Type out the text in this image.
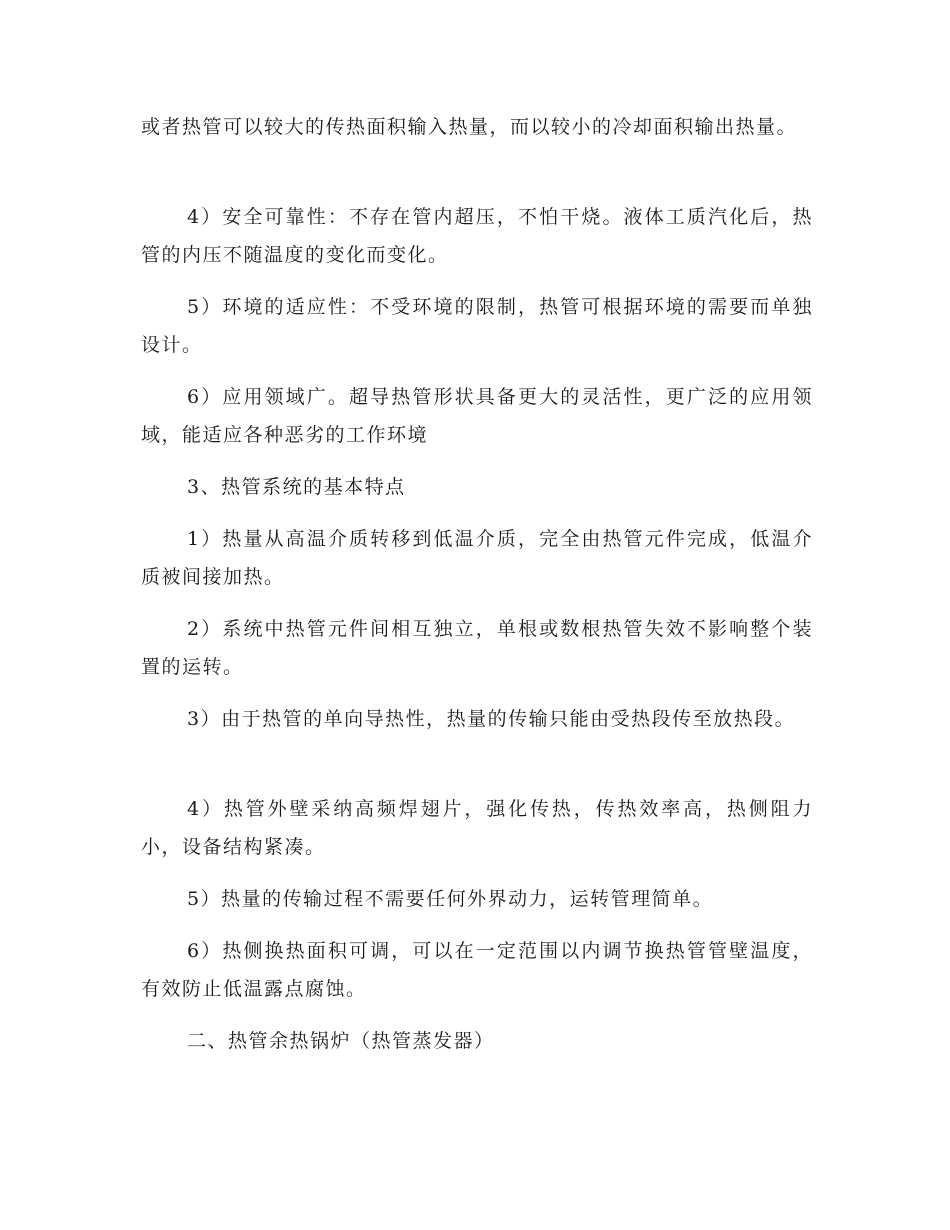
或者热管可以较大的传热面积输入热量，而以较小的冷却面积输出热量。

4）安全可靠性：不存在管内超压，不怕干烧。液体工质汽化后，热管的内压不随温度的变化而变化。

5）环境的适应性：不受环境的限制，热管可根据环境的需要而单独设计。

6）应用领域广。超导热管形状具备更大的灵活性，更广泛的应用领域，能适应各种恶劣的工作环境

3、热管系统的基本特点

1）热量从高温介质转移到低温介质，完全由热管元件完成，低温介质被间接加热。

2）系统中热管元件间相互独立，单根或数根热管失效不影响整个装置的运转。

3）由于热管的单向导热性，热量的传输只能由受热段传至放热段。

4）热管外壁采纳高频焊翅片，强化传热，传热效率高，热侧阻力小，设备结构紧凑。

5）热量的传输过程不需要任何外界动力，运转管理简单。

6）热侧换热面积可调，可以在一定范围以内调节换热管管壁温度，有效防止低温露点腐蚀。

二、热管余热锅炉（热管蒸发器）
